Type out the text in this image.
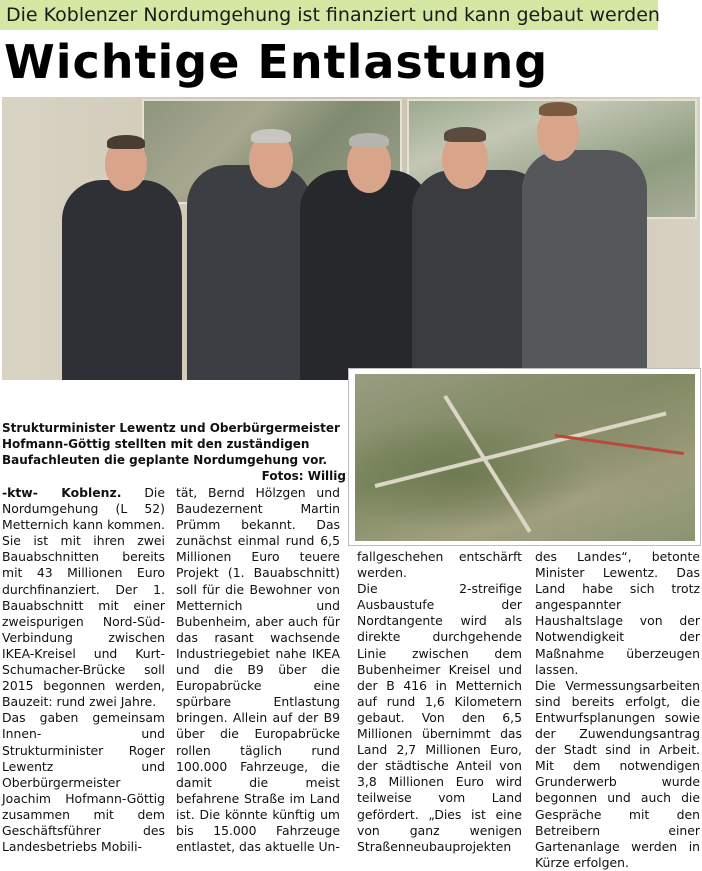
Die Koblenzer Nordumgehung ist finanziert und kann gebaut werden
Wichtige Entlastung
Strukturminister Lewentz und Oberbürgermeister Hofmann-Göttig stellten mit den zuständigen Baufachleuten die geplante Nordumgehung vor.
Fotos: Willig

-ktw- Koblenz. Die Nordumgehung (L 52) Metternich kann kommen. Sie ist mit ihren zwei Bauabschnitten bereits mit 43 Millionen Euro durchfinanziert. Der 1. Bauabschnitt mit einer zweispurigen Nord-Süd-Verbindung zwischen IKEA-Kreisel und Kurt-Schumacher-Brücke soll 2015 begonnen werden, Bauzeit: rund zwei Jahre.

Das gaben gemeinsam Innen- und Strukturminister Roger Lewentz und Oberbürgermeister Joachim Hofmann-Göttig zusammen mit dem Geschäftsführer des Landesbetriebs Mobili-

tät, Bernd Hölzgen und Baudezernent Martin Prümm bekannt. Das zunächst einmal rund 6,5 Millionen Euro teuere Projekt (1. Bauabschnitt) soll für die Bewohner von Metternich und Bubenheim, aber auch für das rasant wachsende Industriegebiet nahe IKEA und die B9 über die Europabrücke eine spürbare Entlastung bringen. Allein auf der B9 über die Europabrücke rollen täglich rund 100.000 Fahrzeuge, die damit die meist befahrene Straße im Land ist. Die könnte künftig um bis 15.000 Fahrzeuge entlastet, das aktuelle Un-

fallgeschehen entschärft werden.

Die 2-streifige Ausbaustufe der Nordtangente wird als direkte durchgehende Linie zwischen dem Bubenheimer Kreisel und der B 416 in Metternich auf rund 1,6 Kilometern gebaut. Von den 6,5 Millionen übernimmt das Land 2,7 Millionen Euro, der städtische Anteil von 3,8 Millionen Euro wird teilweise vom Land gefördert. „Dies ist eine von ganz wenigen Straßenneubauprojekten

des Landes“, betonte Minister Lewentz. Das Land habe sich trotz angespannter Haushaltslage von der Notwendigkeit der Maßnahme überzeugen lassen.

Die Vermessungsarbeiten sind bereits erfolgt, die Entwurfsplanungen sowie der Zuwendungsantrag der Stadt sind in Arbeit. Mit dem notwendigen Grunderwerb wurde begonnen und auch die Gespräche mit den Betreibern einer Gartenanlage werden in Kürze erfolgen.
